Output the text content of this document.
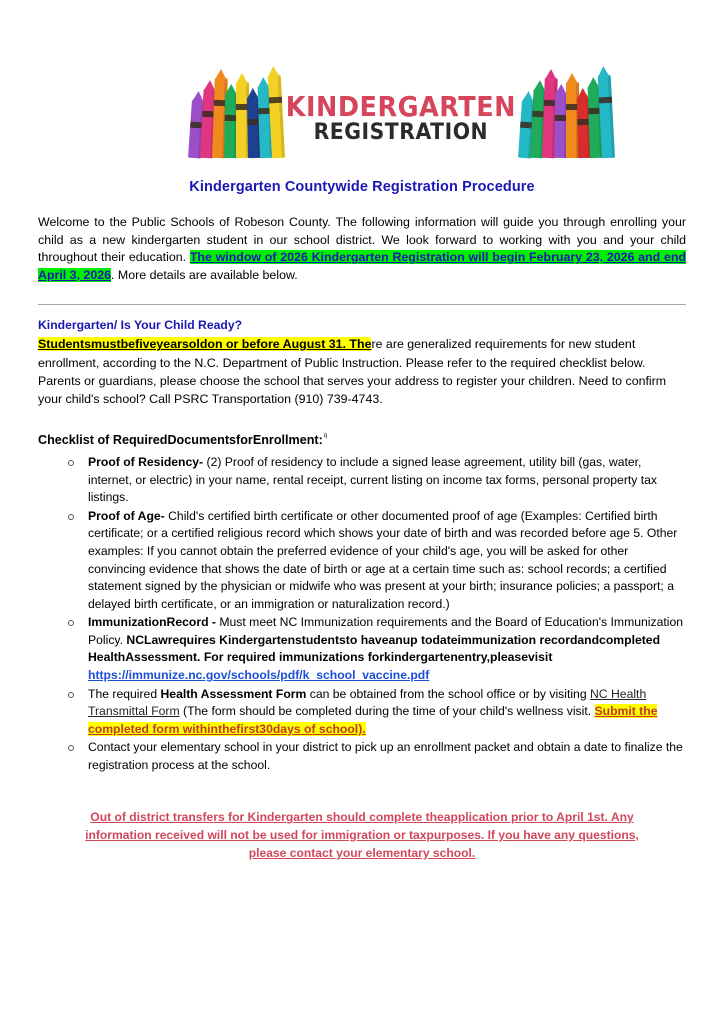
KINDERGARTEN
REGISTRATION
Kindergarten Countywide Registration Procedure

Welcome to the Public Schools of Robeson County. The following information will guide you through enrolling your child as a new kindergarten student in our school district. We look forward to working with you and your child throughout their education. The window of 2026 Kindergarten Registration will begin February 23, 2026 and end April 3, 2026. More details are available below.

Kindergarten/ Is Your Child Ready?

Studentsmustbefiveyearsoldon or before August 31. There are generalized requirements for new student enrollment, according to the N.C. Department of Public Instruction. Please refer to the required checklist below. Parents or guardians, please choose the school that serves your address to register your children. Need to confirm your child's school? Call PSRC Transportation (910) 739-4743.

Checklist of RequiredDocumentsforEnrollment:$^q$
Proof of Residency- (2) Proof of residency to include a signed lease agreement, utility bill (gas, water, internet, or electric) in your name, rental receipt, current listing on income tax forms, personal property tax listings.
Proof of Age- Child's certified birth certificate or other documented proof of age (Examples: Certified birth certificate; or a certified religious record which shows your date of birth and was recorded before age 5. Other examples: If you cannot obtain the preferred evidence of your child's age, you will be asked for other convincing evidence that shows the date of birth or age at a certain time such as: school records; a certified statement signed by the physician or midwife who was present at your birth; insurance policies; a passport; a delayed birth certificate, or an immigration or naturalization record.)
ImmunizationRecord - Must meet NC Immunization requirements and the Board of Education's Immunization Policy. NCLawrequires Kindergartenstudentsto haveanup todateimmunization recordandcompleted HealthAssessment. For required immunizations forkindergartenentry,pleasevisit
https://immunize.nc.gov/schools/pdf/k_school_vaccine.pdf
The required Health Assessment Form can be obtained from the school office or by visiting NC Health Transmittal Form (The form should be completed during the time of your child's wellness visit. Submit the completed form withinthefirst30days of school).
Contact your elementary school in your district to pick up an enrollment packet and obtain a date to finalize the registration process at the school.

Out of district transfers for Kindergarten should complete theapplication prior to April 1st. Any information received will not be used for immigration or taxpurposes. If you have any questions, please contact your elementary school.
